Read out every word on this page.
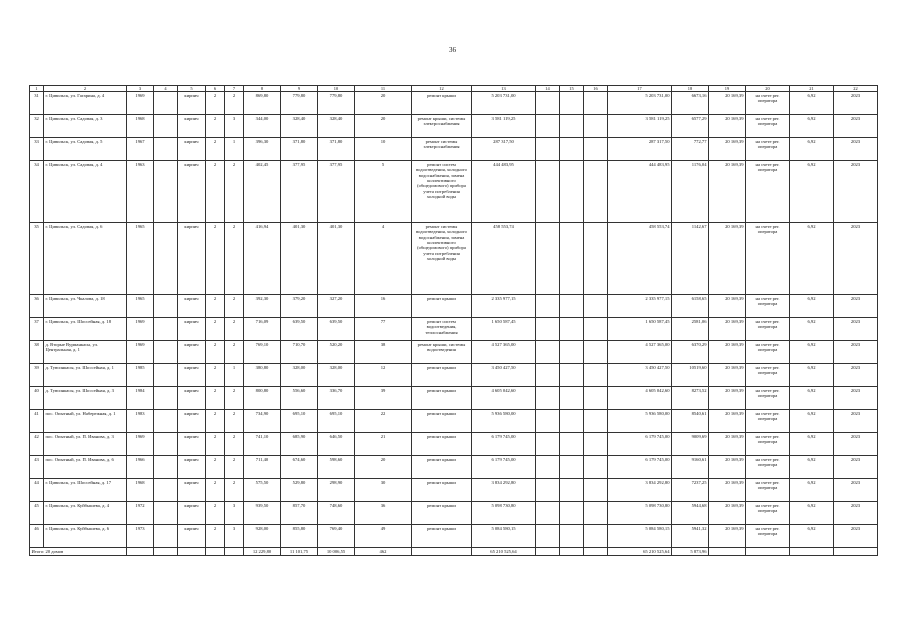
36
1	2	3	4	5	6	7	8	9	10	11	12	13	14	15	16	17	18	19	20	21	22
31	г. Цивильск, ул. Гагарина, д. 4	1969		кирпич	2	2	869,80	779,80	779,80	20	ремонт крыши	5 203 731,00				5 203 731,00	6673,16	20 169,39	на счете рег. оператора	6,92	2023
32	г. Цивильск, ул. Садовая, д. 3	1968		кирпич	2	3	344,00	328,40	328,40	20	ремонт крыши, системы электроснабжения	3 581 119,25				3 581 119,25	6577,29	20 169,39	на счете рег. оператора	6,92	2023
33	г. Цивильск, ул. Садовая, д. 5	1967		кирпич	2	1	396,30	371,80	371,80	10	ремонт системы электроснабжения	287 317,50				287 317,50	772,77	20 169,39	на счете рег. оператора	6,92	2023
34	г. Цивильск, ул. Садовая, д. 4	1963		кирпич	2	2	402,45	377,95	377,95	5	ремонт систем водоотведения, холодного водоснабжения, замена коллективного (общедомового) прибора учета потребления холодной воды	444 483,95				444 483,95	1176,04	20 169,39	на счете рег. оператора	6,92	2023
35	г. Цивильск, ул. Садовая, д. 6	1965		кирпич	2	2	416,94	401,30	401,30	4	ремонт системы водоотведения, холодного водоснабжения, замена коллективного (общедомового) прибора учета потребления холодной воды	458 553,74				458 553,74	1142,67	20 169,39	на счете рег. оператора	6,92	2023
36	г. Цивильск, ул. Чкалова, д. 18	1965		кирпич	2	2	392,30	379,20	327,20	16	ремонт крыши	2 335 977,15				2 335 977,15	6158,65	20 169,39	на счете рег. оператора	6,92	2023
37	г. Цивильск, ул. Шоссейная, д. 18	1969		кирпич	2	2	716,09	639,50	639,50	77	ремонт систем водоотведения, теплоснабжения	1 650 587,45				1 650 587,45	2581,06	20 169,39	на счете рег. оператора	6,92	2023
38	д. Вторые Вурманкасы, ул. Центральная, д. 1	1969		кирпич	2	2	769,10	710,70	520,20	38	ремонт крыши, системы водоотведения	4 527 365,00				4 527 365,00	6370,29	20 169,39	на счете рег. оператора	6,92	2023
39	д. Тувсинкасы, ул. Шоссейная, д. 1	1985		кирпич	2	1	380,80	328,00	328,00	12	ремонт крыши	3 450 427,50				3 450 427,50	10519,60	20 169,39	на счете рег. оператора	6,92	2023
40	д. Тувсинкасы, ул. Шоссейная, д. 3	1984		кирпич	2	2	800,80	556,60	336,70	39	ремонт крыши	4 605 042,60				4 605 042,60	8273,52	20 169,39	на счете рег. оператора	6,92	2023
41	пос. Опытный, ул. Набережная, д. 1	1983		кирпич	2	2	734,90	695,10	695,10	22	ремонт крыши	5 936 580,00				5 936 580,00	8540,61	20 169,39	на счете рег. оператора	6,92	2023
42	пос. Опытный, ул. П. Иванова, д. 3	1969		кирпич	2	2	741,10	685,90	646,50	21	ремонт крыши	6 179 745,00				6 179 745,00	9009,69	20 169,39	на счете рег. оператора	6,92	2023
43	пос. Опытный, ул. П. Иванова, д. 6	1966		кирпич	2	2	711,40	674,60	598,60	20	ремонт крыши	6 179 745,00				6 179 745,00	9160,61	20 169,39	на счете рег. оператора	6,92	2023
44	г. Цивильск, ул. Шоссейная, д. 17	1968		кирпич	2	2	575,50	529,80	298,90	30	ремонт крыши	3 834 292,80				3 834 292,80	7237,25	20 169,39	на счете рег. оператора	6,92	2023
45	г. Цивильск, ул. Куйбышева, д. 4	1972		кирпич	2	3	939,50	857,70	748,60	36	ремонт крыши	5 098 730,80				5 098 730,80	5944,68	20 169,39	на счете рег. оператора	6,92	2023
46	г. Цивильск, ул. Куйбышева, д. 6	1973		кирпич	2	3	928,00	855,80	769,40	49	ремонт крыши	5 084 580,15				5 084 580,15	5941,32	20 169,39	на счете рег. оператора	6,92	2023
Итого: 20 домов							12 229,80	11 101,75	10 006,55	462		65 210 525,64				65 210 525,64	5 873,96				
